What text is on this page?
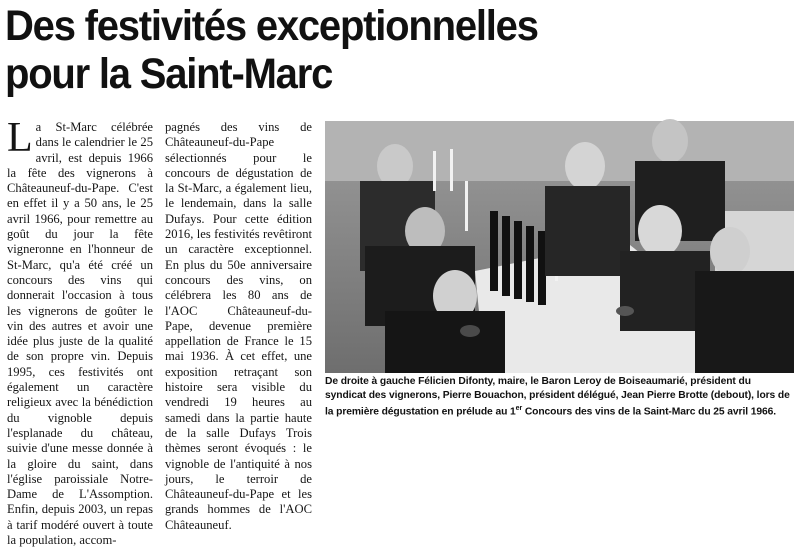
Des festivités exceptionnelles
pour la Saint-Marc
La St-Marc célébrée dans le calendrier le 25 avril, est depuis 1966 la fête des vignerons à Châteauneuf-du-Pape. C'est en effet il y a 50 ans, le 25 avril 1966, pour remettre au goût du jour la fête vigneronne en l'honneur de St-Marc, qu'a été créé un concours des vins qui donnerait l'occasion à tous les vignerons de goûter le vin des autres et avoir une idée plus juste de la qualité de son propre vin. Depuis 1995, ces festivités ont également un caractère religieux avec la bénédiction du vignoble depuis l'esplanade du château, suivie d'une messe donnée à la gloire du saint, dans l'église paroissiale Notre-Dame de L'Assomption. Enfin, depuis 2003, un repas à tarif modéré ouvert à toute la population, accom-
pagnés des vins de Châteauneuf-du-Pape sélectionnés pour le concours de dégustation de la St-Marc, a également lieu, le lendemain, dans la salle Dufays. Pour cette édition 2016, les festivités revêtiront un caractère exceptionnel. En plus du 50e anniversaire concours des vins, on célébrera les 80 ans de l'AOC Châteauneuf-du-Pape, devenue première appellation de France le 15 mai 1936. À cet effet, une exposition retraçant son histoire sera visible du vendredi 19 heures au samedi dans la partie haute de la salle Dufays Trois thèmes seront évoqués : le vignoble de l'antiquité à nos jours, le terroir de Châteauneuf-du-Pape et les grands hommes de l'AOC Châteauneuf.
De droite à gauche Félicien Difonty, maire, le Baron Leroy de Boiseaumarié, président du syndicat des vignerons, Pierre Bouachon, président délégué, Jean Pierre Brotte (debout), lors de la première dégustation en prélude au 1er Concours des vins de la Saint-Marc du 25 avril 1966.
